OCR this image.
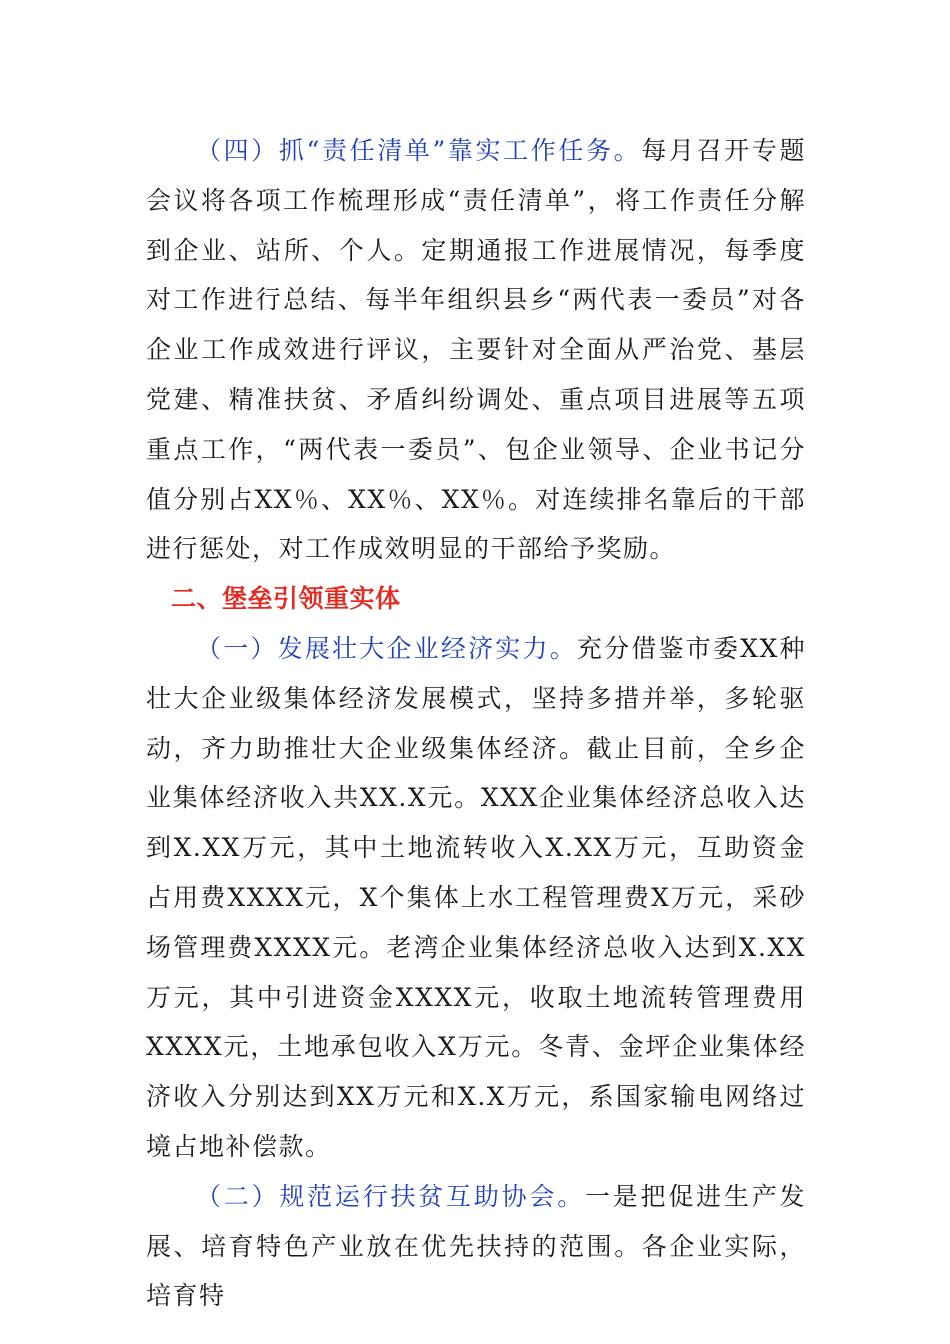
（四）抓“责任清单”靠实工作任务。每月召开专题会议将各项工作梳理形成“责任清单”，将工作责任分解到企业、站所、个人。定期通报工作进展情况，每季度对工作进行总结、每半年组织县乡“两代表一委员”对各企业工作成效进行评议，主要针对全面从严治党、基层党建、精准扶贫、矛盾纠纷调处、重点项目进展等五项重点工作，“两代表一委员”、包企业领导、企业书记分值分别占XX％、XX％、XX％。对连续排名靠后的干部进行惩处，对工作成效明显的干部给予奖励。

二、堡垒引领重实体

（一）发展壮大企业经济实力。充分借鉴市委XX种壮大企业级集体经济发展模式，坚持多措并举，多轮驱动，齐力助推壮大企业级集体经济。截止目前，全乡企业集体经济收入共XX.X元。XXX企业集体经济总收入达到X.XX万元，其中土地流转收入X.XX万元，互助资金占用费XXXX元，X个集体上水工程管理费X万元，采砂场管理费XXXX元。老湾企业集体经济总收入达到X.XX万元，其中引进资金XXXX元，收取土地流转管理费用XXXX元，土地承包收入X万元。冬青、金坪企业集体经济收入分别达到XX万元和X.X万元，系国家输电网络过境占地补偿款。

（二）规范运行扶贫互助协会。一是把促进生产发展、培育特色产业放在优先扶持的范围。各企业实际，培育特
